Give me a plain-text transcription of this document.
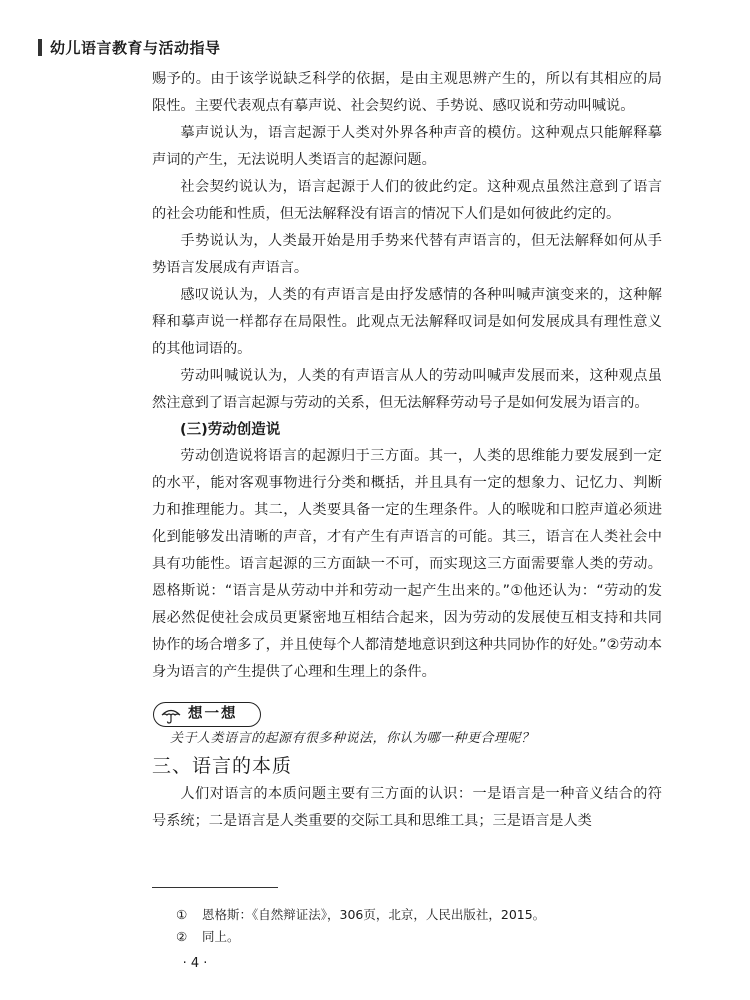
幼儿语言教育与活动指导

赐予的。由于该学说缺乏科学的依据，是由主观思辨产生的，所以有其相应的局限性。主要代表观点有摹声说、社会契约说、手势说、感叹说和劳动叫喊说。

摹声说认为，语言起源于人类对外界各种声音的模仿。这种观点只能解释摹声词的产生，无法说明人类语言的起源问题。

社会契约说认为，语言起源于人们的彼此约定。这种观点虽然注意到了语言的社会功能和性质，但无法解释没有语言的情况下人们是如何彼此约定的。

手势说认为，人类最开始是用手势来代替有声语言的，但无法解释如何从手势语言发展成有声语言。

感叹说认为，人类的有声语言是由抒发感情的各种叫喊声演变来的，这种解释和摹声说一样都存在局限性。此观点无法解释叹词是如何发展成具有理性意义的其他词语的。

劳动叫喊说认为，人类的有声语言从人的劳动叫喊声发展而来，这种观点虽然注意到了语言起源与劳动的关系，但无法解释劳动号子是如何发展为语言的。

(三)劳动创造说

劳动创造说将语言的起源归于三方面。其一，人类的思维能力要发展到一定的水平，能对客观事物进行分类和概括，并且具有一定的想象力、记忆力、判断力和推理能力。其二，人类要具备一定的生理条件。人的喉咙和口腔声道必须进化到能够发出清晰的声音，才有产生有声语言的可能。其三，语言在人类社会中具有功能性。语言起源的三方面缺一不可，而实现这三方面需要靠人类的劳动。恩格斯说：“语言是从劳动中并和劳动一起产生出来的。”①他还认为：“劳动的发展必然促使社会成员更紧密地互相结合起来，因为劳动的发展使互相支持和共同协作的场合增多了，并且使每个人都清楚地意识到这种共同协作的好处。”②劳动本身为语言的产生提供了心理和生理上的条件。

想一想

关于人类语言的起源有很多种说法，你认为哪一种更合理呢？

三、语言的本质

人们对语言的本质问题主要有三方面的认识：一是语言是一种音义结合的符号系统；二是语言是人类重要的交际工具和思维工具；三是语言是人类

①	恩格斯：《自然辩证法》，306页，北京，人民出版社，2015。
②	同上。
· 4 ·
